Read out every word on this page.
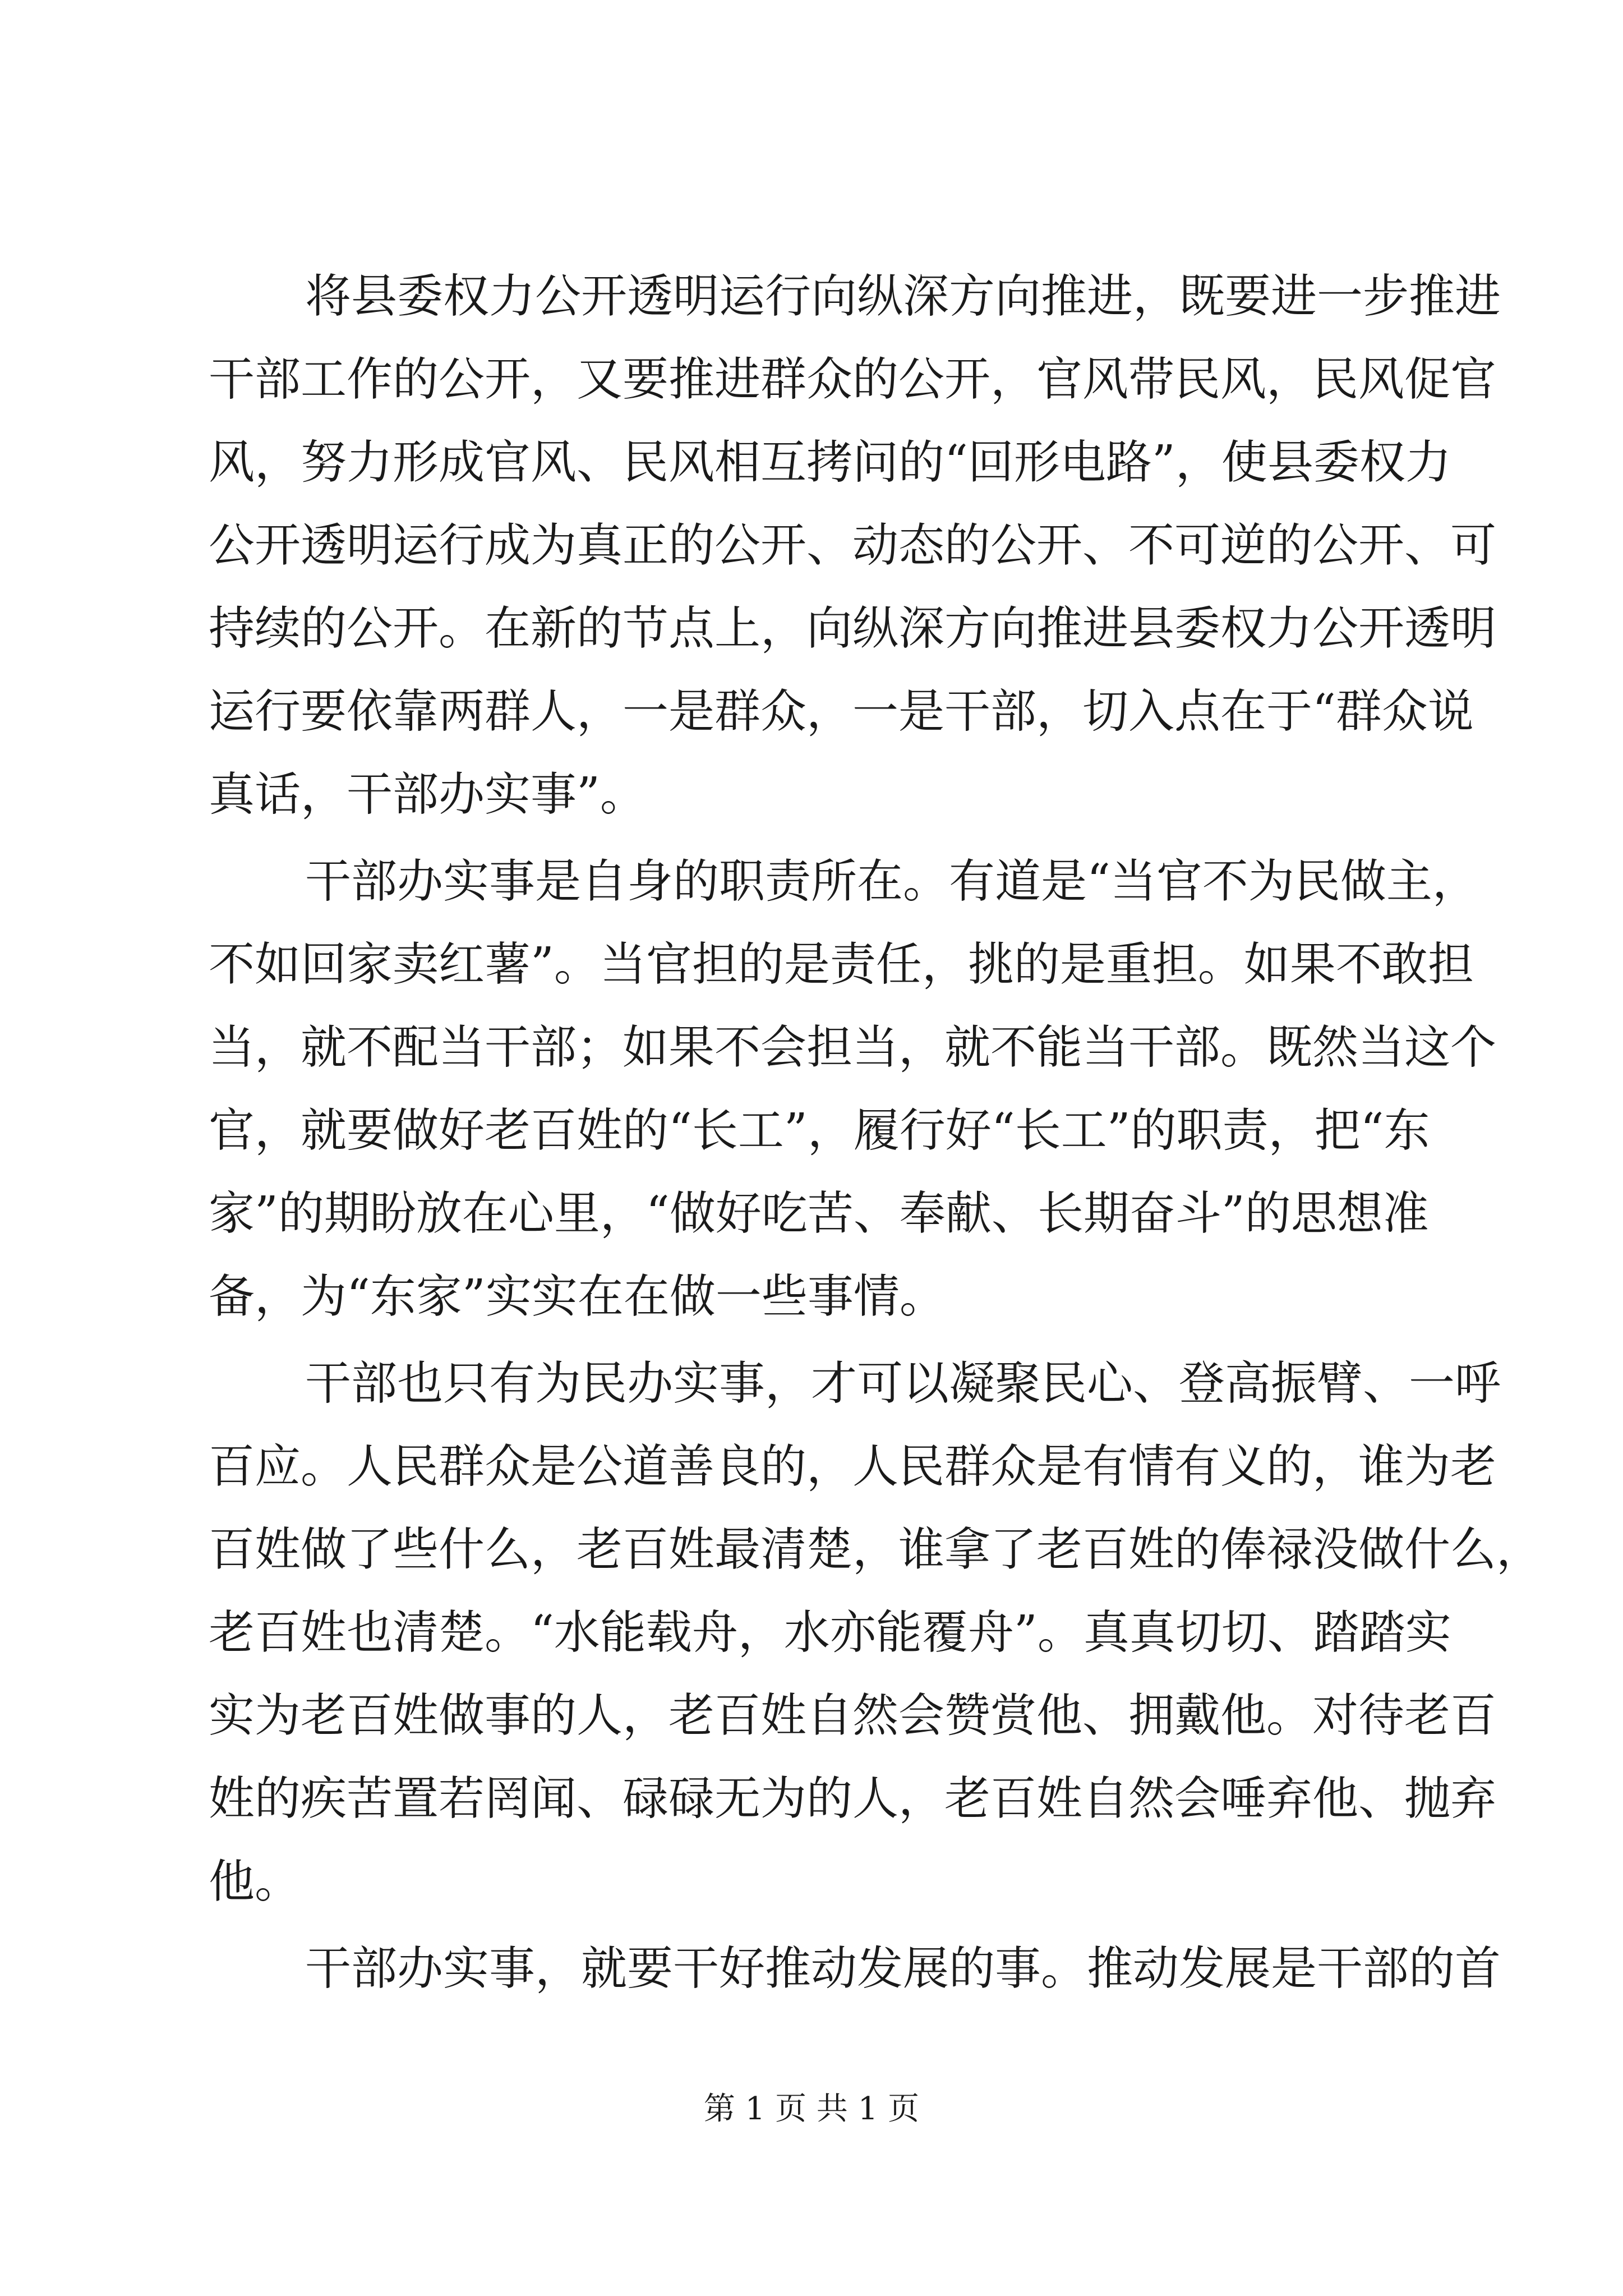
将县委权力公开透明运行向纵深方向推进，既要进一步推进
干部工作的公开，又要推进群众的公开，官风带民风，民风促官
风，努力形成官风、民风相互拷问的“回形电路”，使县委权力
公开透明运行成为真正的公开、动态的公开、不可逆的公开、可
持续的公开。在新的节点上，向纵深方向推进县委权力公开透明
运行要依靠两群人，一是群众，一是干部，切入点在于“群众说
真话，干部办实事”。
干部办实事是自身的职责所在。有道是“当官不为民做主，
不如回家卖红薯”。当官担的是责任，挑的是重担。如果不敢担
当，就不配当干部；如果不会担当，就不能当干部。既然当这个
官，就要做好老百姓的“长工”，履行好“长工”的职责，把“东
家”的期盼放在心里，“做好吃苦、奉献、长期奋斗”的思想准
备，为“东家”实实在在做一些事情。
干部也只有为民办实事，才可以凝聚民心、登高振臂、一呼
百应。人民群众是公道善良的，人民群众是有情有义的，谁为老
百姓做了些什么，老百姓最清楚，谁拿了老百姓的俸禄没做什么，
老百姓也清楚。“水能载舟，水亦能覆舟”。真真切切、踏踏实
实为老百姓做事的人，老百姓自然会赞赏他、拥戴他。对待老百
姓的疾苦置若罔闻、碌碌无为的人，老百姓自然会唾弃他、抛弃
他。
干部办实事，就要干好推动发展的事。推动发展是干部的首
第 1 页 共 1 页
